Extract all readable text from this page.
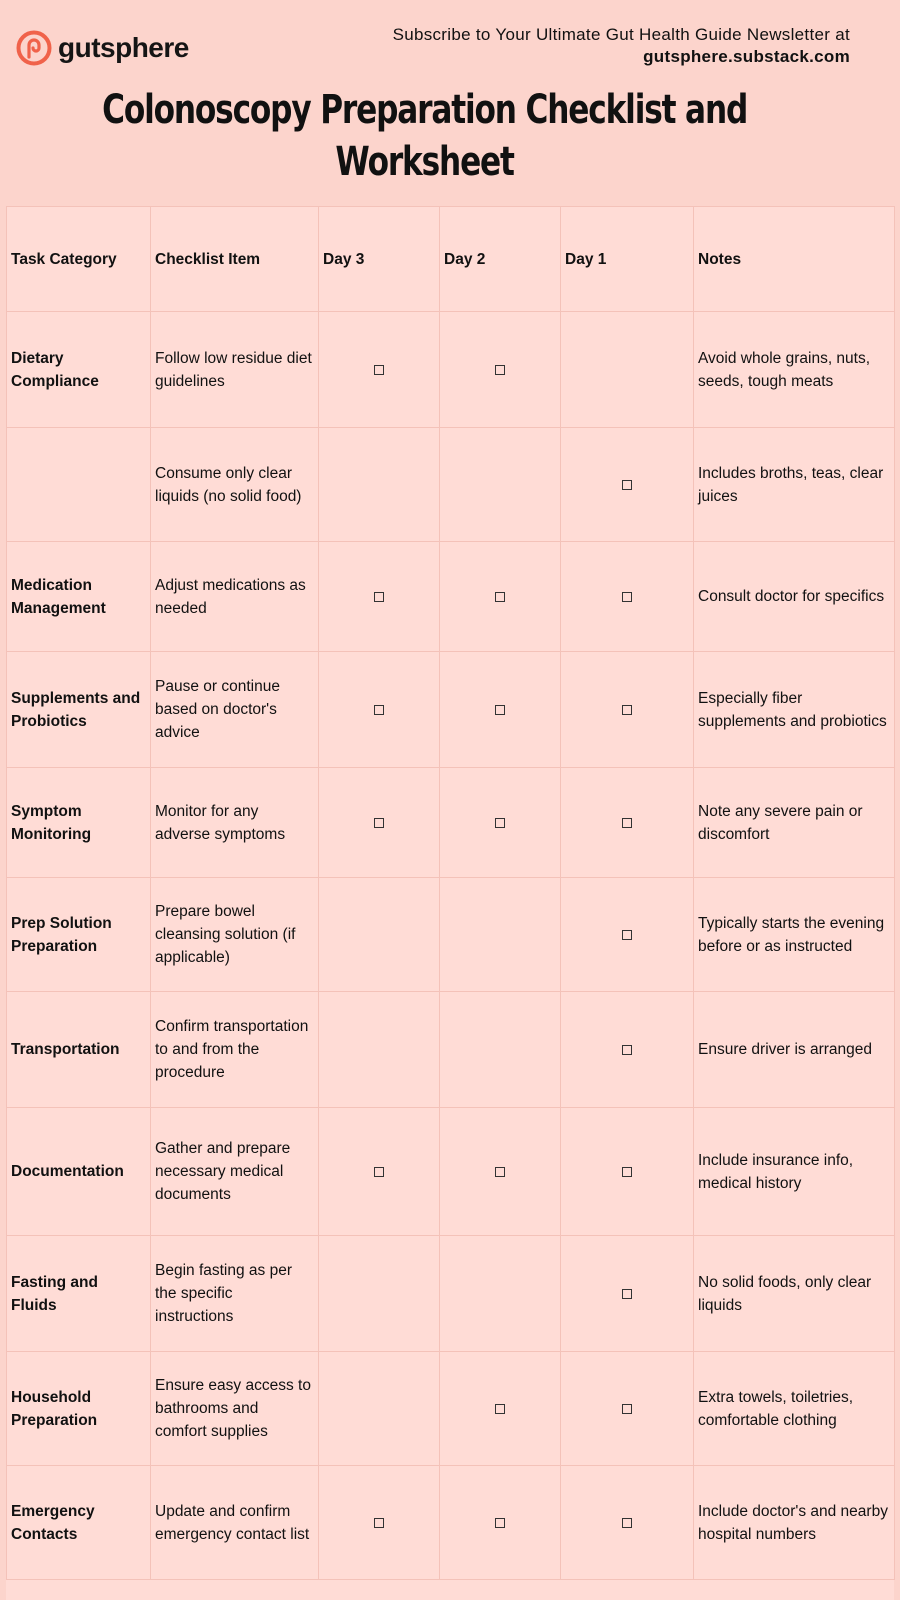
gutsphere	Subscribe to Your Ultimate Gut Health Guide Newsletter at
gutsphere.substack.com
Colonoscopy Preparation Checklist and Worksheet
Task Category	Checklist Item	Day 3	Day 2	Day 1	Notes
Dietary Compliance	Follow low residue diet guidelines				Avoid whole grains, nuts, seeds, tough meats
	Consume only clear liquids (no solid food)				Includes broths, teas, clear juices
Medication Management	Adjust medications as needed				Consult doctor for specifics
Supplements and Probiotics	Pause or continue based on doctor's advice				Especially fiber supplements and probiotics
Symptom Monitoring	Monitor for any adverse symptoms				Note any severe pain or discomfort
Prep Solution Preparation	Prepare bowel cleansing solution (if applicable)				Typically starts the evening before or as instructed
Transportation	Confirm transportation to and from the procedure				Ensure driver is arranged
Documentation	Gather and prepare necessary medical documents				Include insurance info, medical history
Fasting and Fluids	Begin fasting as per the specific instructions				No solid foods, only clear liquids
Household Preparation	Ensure easy access to bathrooms and comfort supplies				Extra towels, toiletries, comfortable clothing
Emergency Contacts	Update and confirm emergency contact list				Include doctor's and nearby hospital numbers
